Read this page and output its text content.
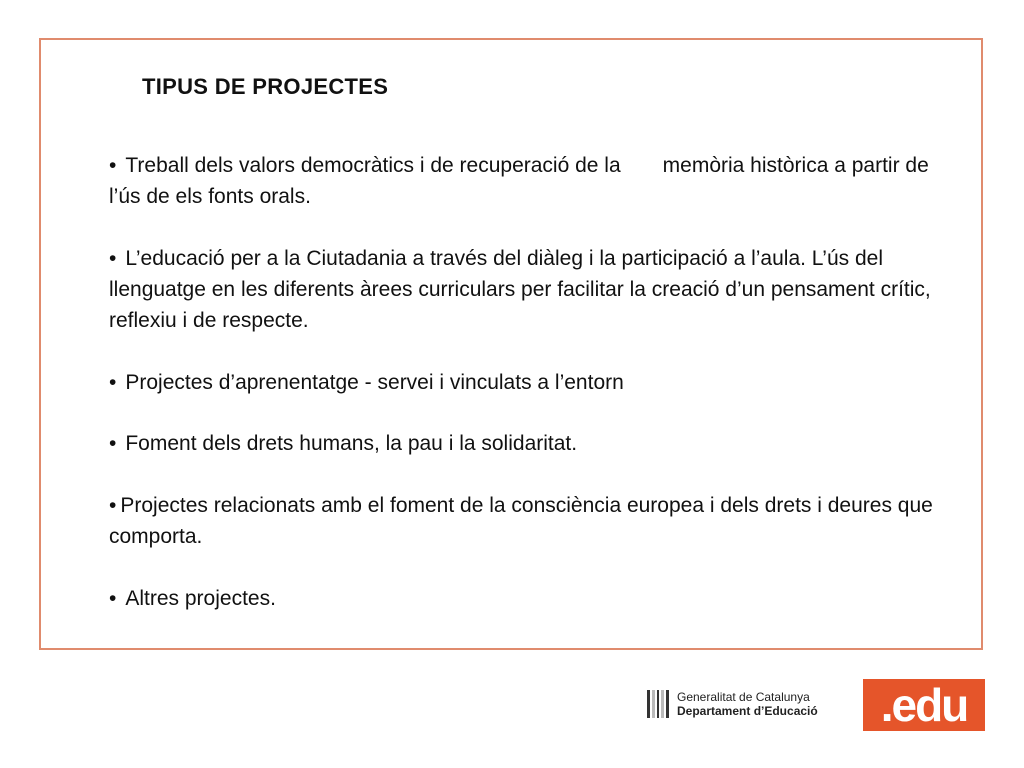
TIPUS DE PROJECTES
• Treball dels valors democràtics i de recuperació de la memòria històrica a partir de l’ús de els fonts orals.
• L’educació per a la Ciutadania a través del diàleg i la participació a l’aula. L’ús del llenguatge en les diferents àrees curriculars per facilitar la creació d’un pensament crític, reflexiu i de respecte.
• Projectes d’aprenentatge - servei i vinculats a l’entorn
• Foment dels drets humans, la pau i la solidaritat.
• Projectes relacionats amb el foment de la consciència europea i dels drets i deures que comporta.
• Altres projectes.
Generalitat de Catalunya
Departament d’Educació	.edu
